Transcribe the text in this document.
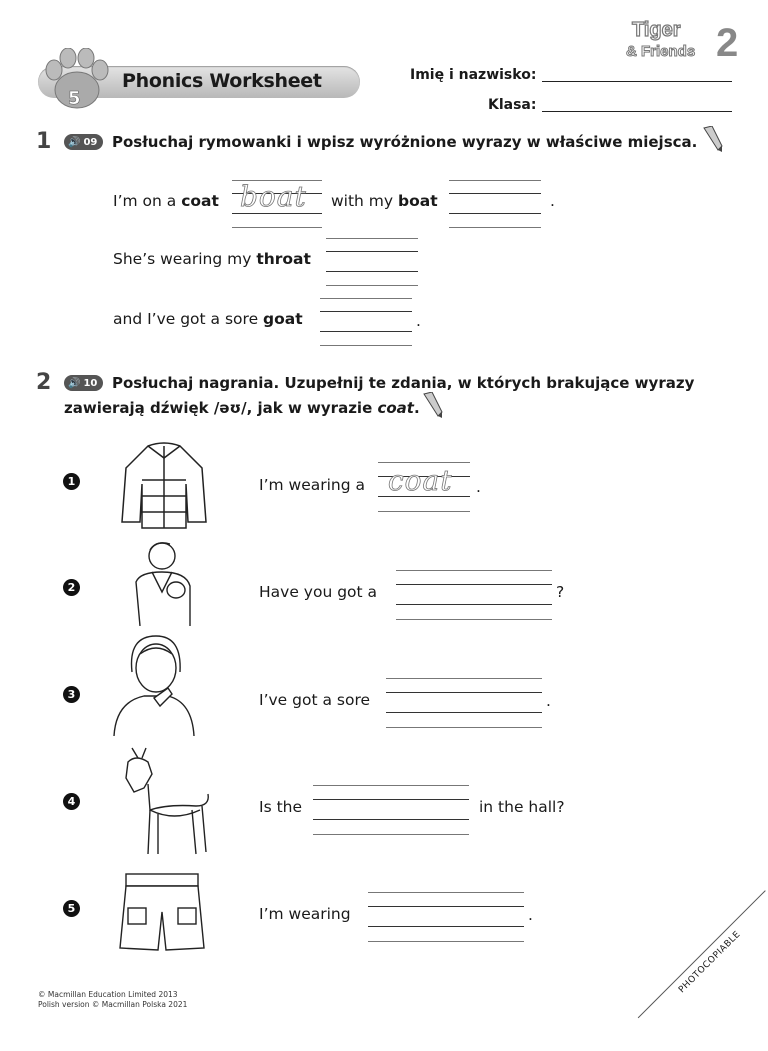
Tiger
& Friends 2
5
Phonics Worksheet	Imię i nazwisko:
Klasa:
1 🔊 09 Posłuchaj rymowanki i wpisz wyróżnione wyrazy w właściwe miejsca.
I’m on a coat boat with my boat	.
She’s wearing my throat
and I’ve got a sore goat	.
2 🔊 10 Posłuchaj nagrania. Uzupełnij te zdania, w których brakujące wyrazy
zawierają dźwięk /əʊ/, jak w wyrazie coat.
1	I’m wearing a coat .
2	Have you got a	?
3	I’ve got a sore	.
4	Is the	in the hall?
5	I’m wearing	.
© Macmillan Education Limited 2013
Polish version © Macmillan Polska 2021
PHOTOCOPIABLE
